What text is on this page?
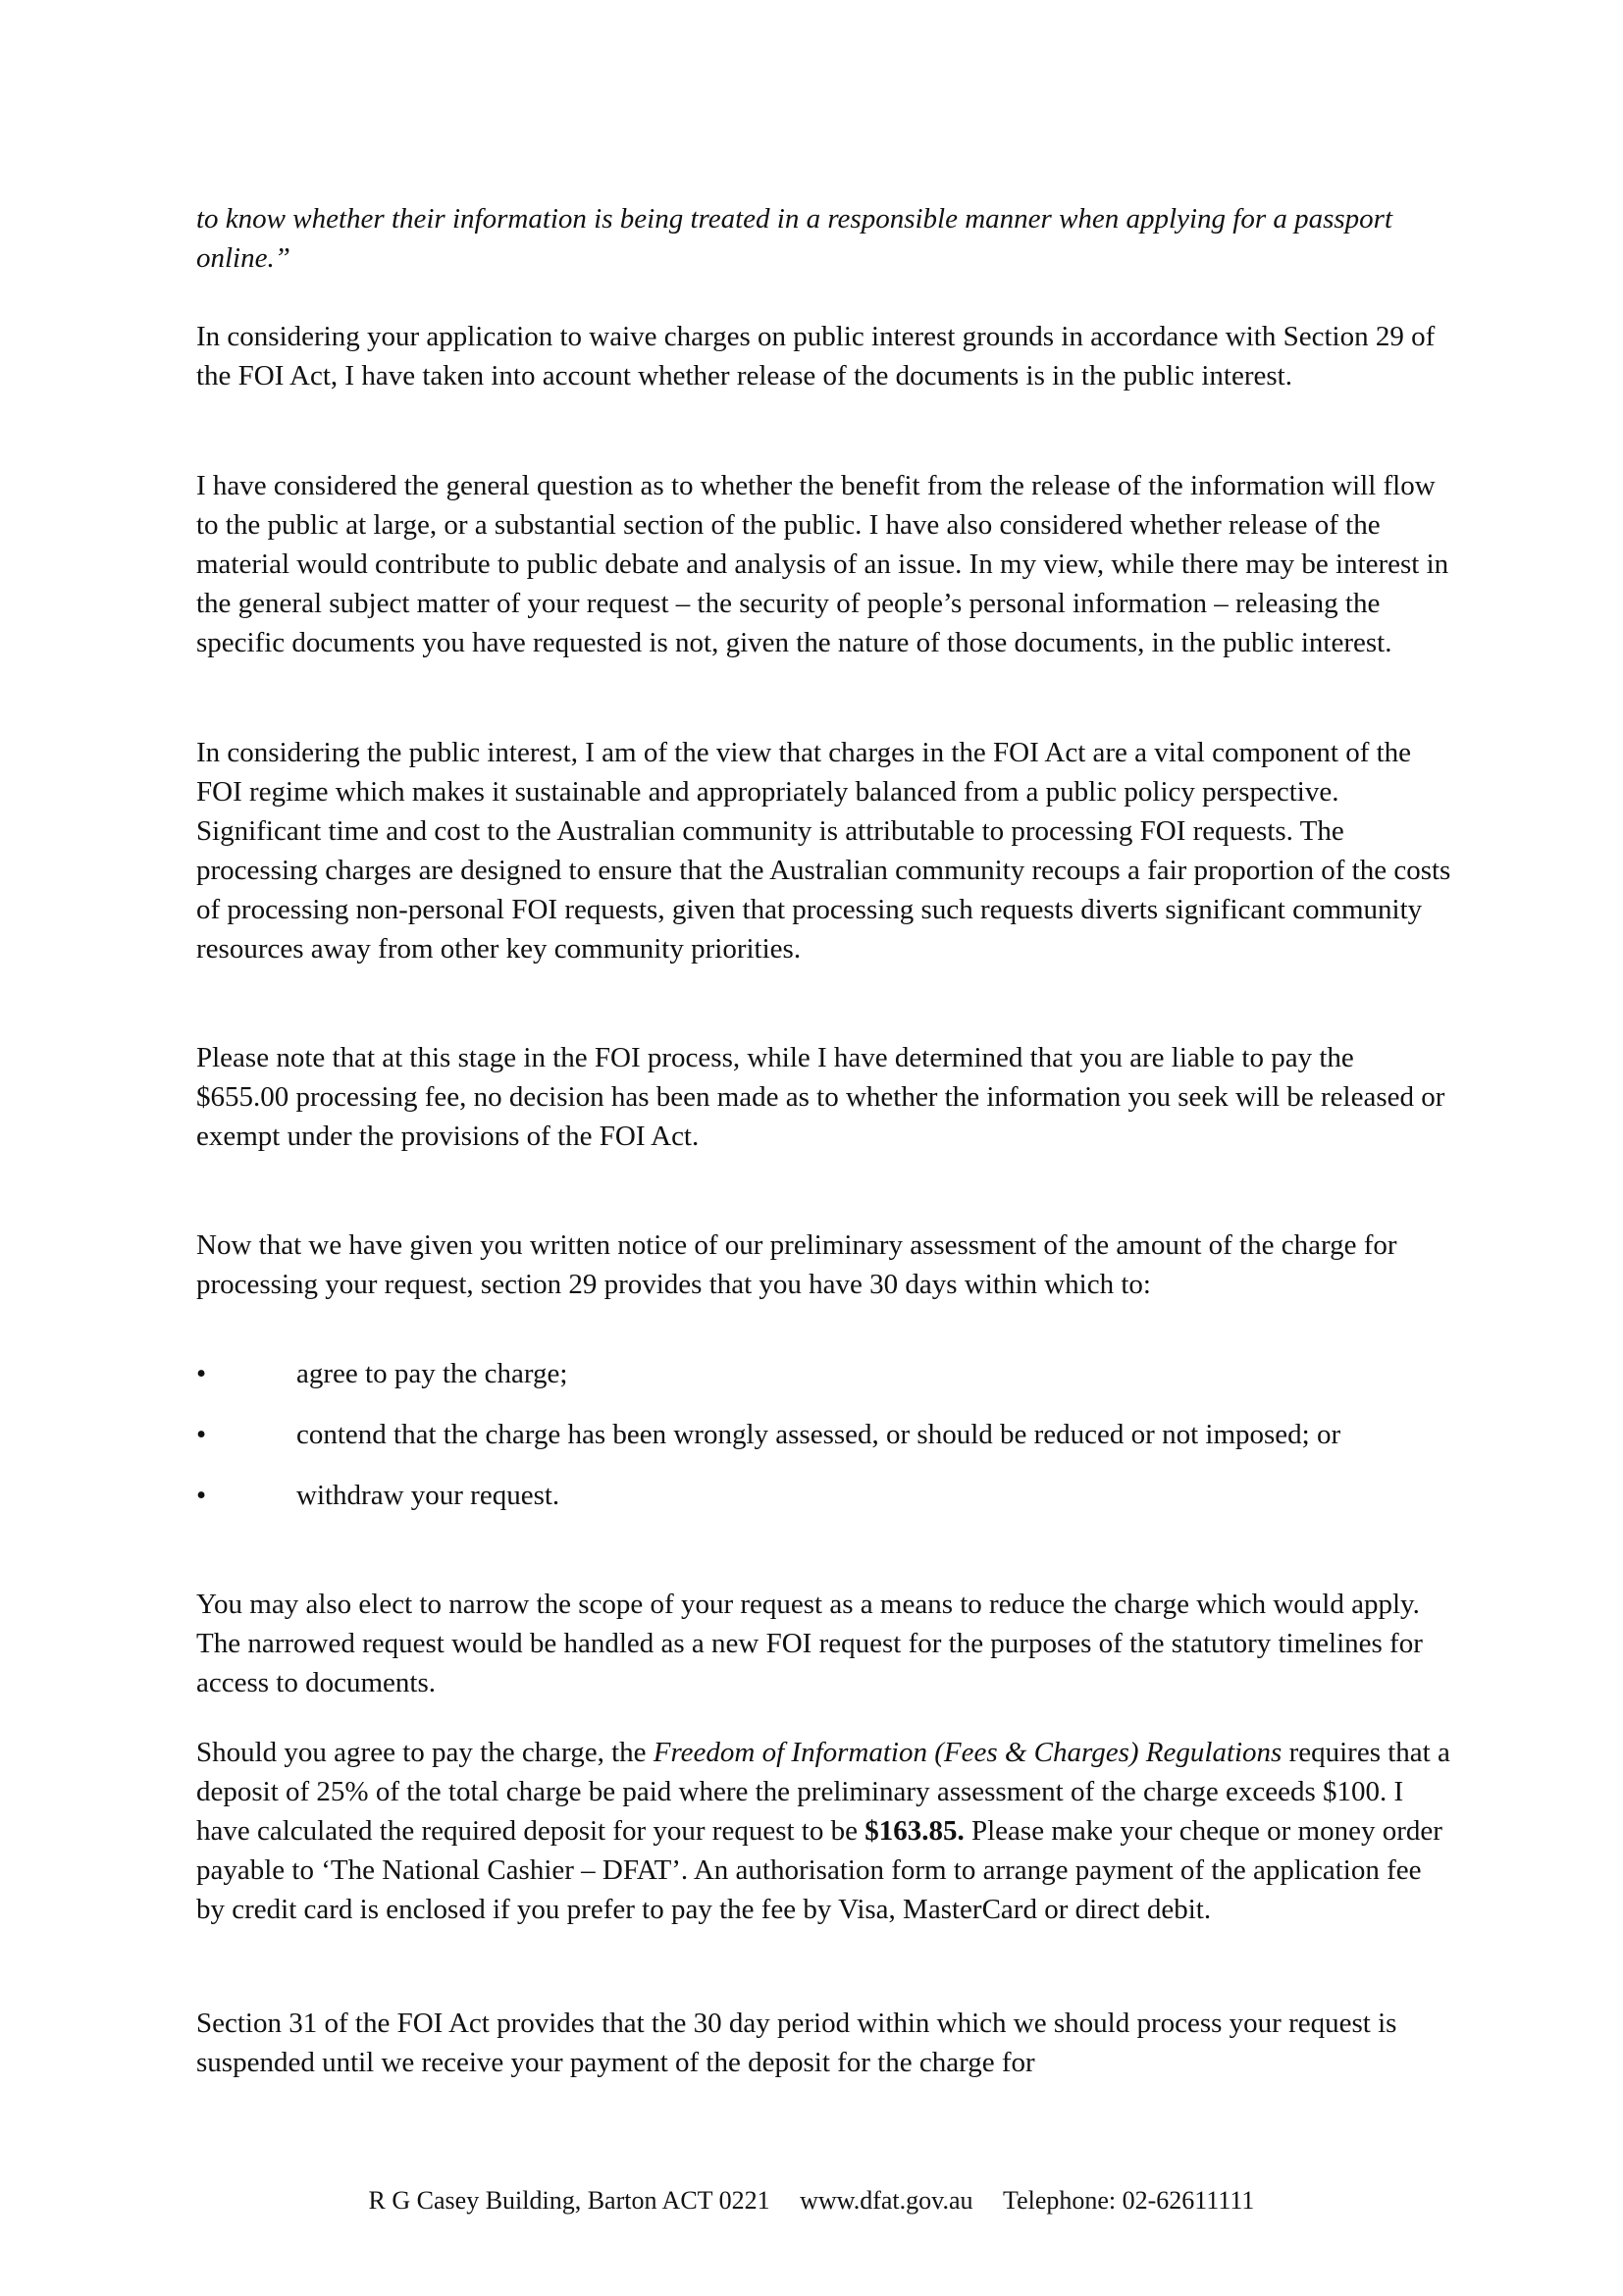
to know whether their information is being treated in a responsible manner when applying for a passport online.”

In considering your application to waive charges on public interest grounds in accordance with Section 29 of the FOI Act, I have taken into account whether release of the documents is in the public interest.

I have considered the general question as to whether the benefit from the release of the information will flow to the public at large, or a substantial section of the public. I have also considered whether release of the material would contribute to public debate and analysis of an issue. In my view, while there may be interest in the general subject matter of your request – the security of people’s personal information – releasing the specific documents you have requested is not, given the nature of those documents, in the public interest.

In considering the public interest, I am of the view that charges in the FOI Act are a vital component of the FOI regime which makes it sustainable and appropriately balanced from a public policy perspective. Significant time and cost to the Australian community is attributable to processing FOI requests. The processing charges are designed to ensure that the Australian community recoups a fair proportion of the costs of processing non-personal FOI requests, given that processing such requests diverts significant community resources away from other key community priorities.

Please note that at this stage in the FOI process, while I have determined that you are liable to pay the $655.00 processing fee, no decision has been made as to whether the information you seek will be released or exempt under the provisions of the FOI Act.

Now that we have given you written notice of our preliminary assessment of the amount of the charge for processing your request, section 29 provides that you have 30 days within which to:

•	agree to pay the charge;
•	contend that the charge has been wrongly assessed, or should be reduced or not imposed; or
•	withdraw your request.

You may also elect to narrow the scope of your request as a means to reduce the charge which would apply. The narrowed request would be handled as a new FOI request for the purposes of the statutory timelines for access to documents.

Should you agree to pay the charge, the Freedom of Information (Fees & Charges) Regulations requires that a deposit of 25% of the total charge be paid where the preliminary assessment of the charge exceeds $100. I have calculated the required deposit for your request to be $163.85. Please make your cheque or money order payable to ‘The National Cashier – DFAT’. An authorisation form to arrange payment of the application fee by credit card is enclosed if you prefer to pay the fee by Visa, MasterCard or direct debit.

Section 31 of the FOI Act provides that the 30 day period within which we should process your request is suspended until we receive your payment of the deposit for the charge for

R G Casey Building, Barton ACT 0221 www.dfat.gov.au Telephone: 02-62611111
